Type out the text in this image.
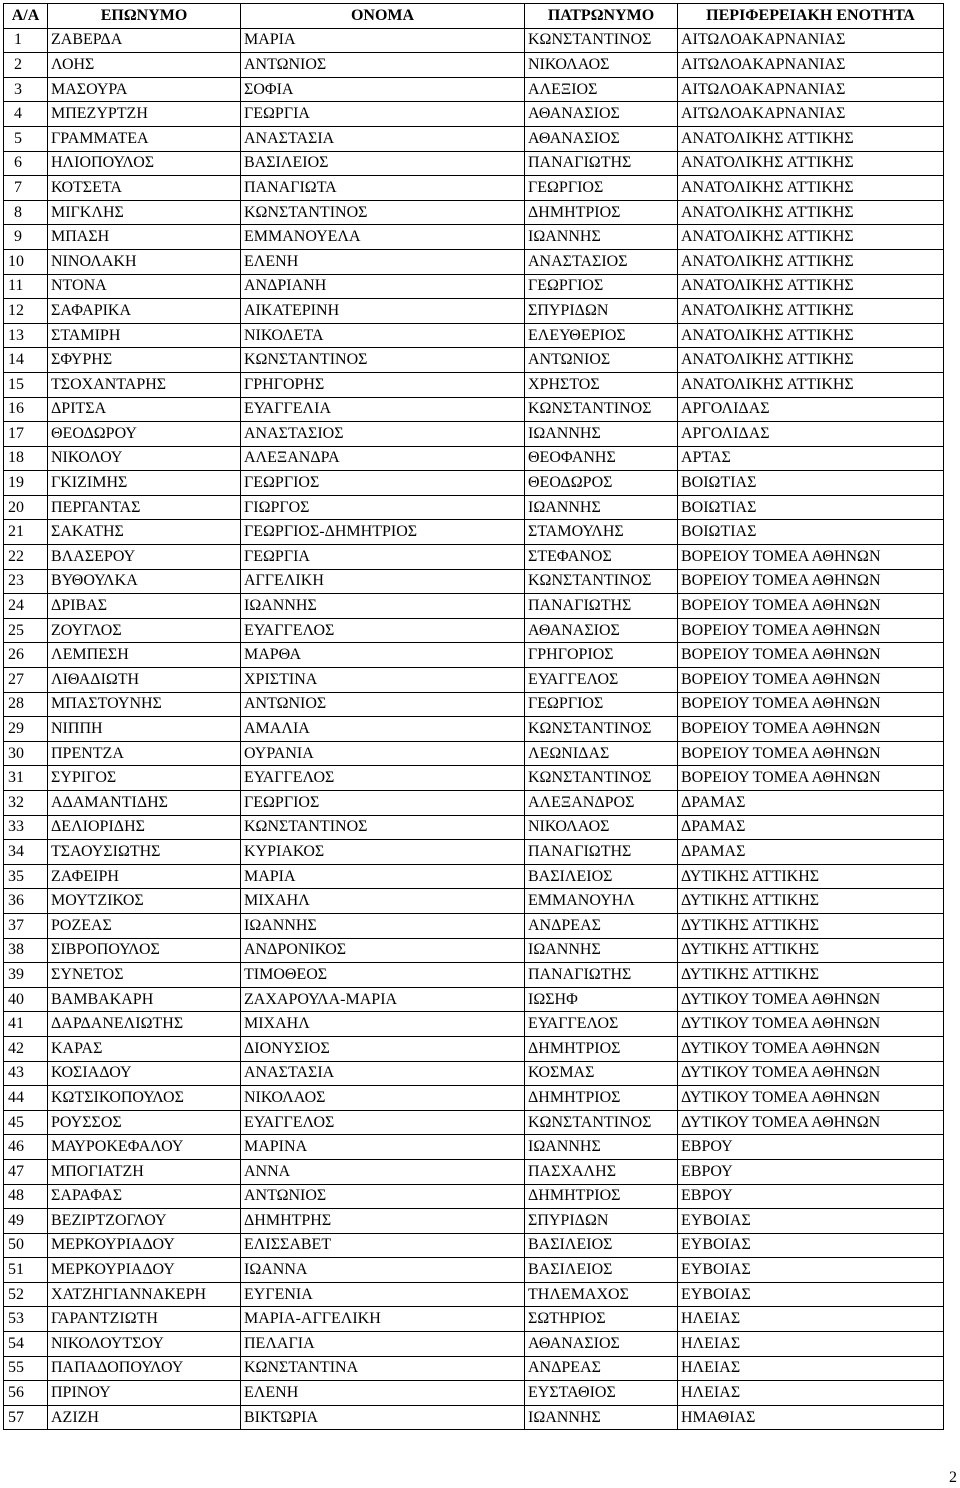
Α/Α	ΕΠΩΝΥΜΟ	ΟΝΟΜΑ	ΠΑΤΡΩΝΥΜΟ	ΠΕΡΙΦΕΡΕΙΑΚΗ ΕΝΟΤΗΤΑ
1	ΖΑΒΕΡΔΑ	ΜΑΡΙΑ	ΚΩΝΣΤΑΝΤΙΝΟΣ	ΑΙΤΩΛΟΑΚΑΡΝΑΝΙΑΣ
2	ΛΟΗΣ	ΑΝΤΩΝΙΟΣ	ΝΙΚΟΛΑΟΣ	ΑΙΤΩΛΟΑΚΑΡΝΑΝΙΑΣ
3	ΜΑΣΟΥΡΑ	ΣΟΦΙΑ	ΑΛΕΞΙΟΣ	ΑΙΤΩΛΟΑΚΑΡΝΑΝΙΑΣ
4	ΜΠΕΖΥΡΤΖΗ	ΓΕΩΡΓΙΑ	ΑΘΑΝΑΣΙΟΣ	ΑΙΤΩΛΟΑΚΑΡΝΑΝΙΑΣ
5	ΓΡΑΜΜΑΤΕΑ	ΑΝΑΣΤΑΣΙΑ	ΑΘΑΝΑΣΙΟΣ	ΑΝΑΤΟΛΙΚΗΣ ΑΤΤΙΚΗΣ
6	ΗΛΙΟΠΟΥΛΟΣ	ΒΑΣΙΛΕΙΟΣ	ΠΑΝΑΓΙΩΤΗΣ	ΑΝΑΤΟΛΙΚΗΣ ΑΤΤΙΚΗΣ
7	ΚΟΤΣΕΤΑ	ΠΑΝΑΓΙΩΤΑ	ΓΕΩΡΓΙΟΣ	ΑΝΑΤΟΛΙΚΗΣ ΑΤΤΙΚΗΣ
8	ΜΙΓΚΛΗΣ	ΚΩΝΣΤΑΝΤΙΝΟΣ	ΔΗΜΗΤΡΙΟΣ	ΑΝΑΤΟΛΙΚΗΣ ΑΤΤΙΚΗΣ
9	ΜΠΑΣΗ	ΕΜΜΑΝΟΥΕΛΑ	ΙΩΑΝΝΗΣ	ΑΝΑΤΟΛΙΚΗΣ ΑΤΤΙΚΗΣ
10	ΝΙΝΟΛΑΚΗ	ΕΛΕΝΗ	ΑΝΑΣΤΑΣΙΟΣ	ΑΝΑΤΟΛΙΚΗΣ ΑΤΤΙΚΗΣ
11	ΝΤΟΝΑ	ΑΝΔΡΙΑΝΗ	ΓΕΩΡΓΙΟΣ	ΑΝΑΤΟΛΙΚΗΣ ΑΤΤΙΚΗΣ
12	ΣΑΦΑΡΙΚΑ	ΑΙΚΑΤΕΡΙΝΗ	ΣΠΥΡΙΔΩΝ	ΑΝΑΤΟΛΙΚΗΣ ΑΤΤΙΚΗΣ
13	ΣΤΑΜΙΡΗ	ΝΙΚΟΛΕΤΑ	ΕΛΕΥΘΕΡΙΟΣ	ΑΝΑΤΟΛΙΚΗΣ ΑΤΤΙΚΗΣ
14	ΣΦΥΡΗΣ	ΚΩΝΣΤΑΝΤΙΝΟΣ	ΑΝΤΩΝΙΟΣ	ΑΝΑΤΟΛΙΚΗΣ ΑΤΤΙΚΗΣ
15	ΤΣΟΧΑΝΤΑΡΗΣ	ΓΡΗΓΟΡΗΣ	ΧΡΗΣΤΟΣ	ΑΝΑΤΟΛΙΚΗΣ ΑΤΤΙΚΗΣ
16	ΔΡΙΤΣΑ	ΕΥΑΓΓΕΛΙΑ	ΚΩΝΣΤΑΝΤΙΝΟΣ	ΑΡΓΟΛΙΔΑΣ
17	ΘΕΟΔΩΡΟΥ	ΑΝΑΣΤΑΣΙΟΣ	ΙΩΑΝΝΗΣ	ΑΡΓΟΛΙΔΑΣ
18	ΝΙΚΟΛΟΥ	ΑΛΕΞΑΝΔΡΑ	ΘΕΟΦΑΝΗΣ	ΑΡΤΑΣ
19	ΓΚΙΖΙΜΗΣ	ΓΕΩΡΓΙΟΣ	ΘΕΟΔΩΡΟΣ	ΒΟΙΩΤΙΑΣ
20	ΠΕΡΓΑΝΤΑΣ	ΓΙΩΡΓΟΣ	ΙΩΑΝΝΗΣ	ΒΟΙΩΤΙΑΣ
21	ΣΑΚΑΤΗΣ	ΓΕΩΡΓΙΟΣ-ΔΗΜΗΤΡΙΟΣ	ΣΤΑΜΟΥΛΗΣ	ΒΟΙΩΤΙΑΣ
22	ΒΛΑΣΕΡΟΥ	ΓΕΩΡΓΙΑ	ΣΤΕΦΑΝΟΣ	ΒΟΡΕΙΟΥ ΤΟΜΕΑ ΑΘΗΝΩΝ
23	ΒΥΘΟΥΛΚΑ	ΑΓΓΕΛΙΚΗ	ΚΩΝΣΤΑΝΤΙΝΟΣ	ΒΟΡΕΙΟΥ ΤΟΜΕΑ ΑΘΗΝΩΝ
24	ΔΡΙΒΑΣ	ΙΩΑΝΝΗΣ	ΠΑΝΑΓΙΩΤΗΣ	ΒΟΡΕΙΟΥ ΤΟΜΕΑ ΑΘΗΝΩΝ
25	ΖΟΥΓΛΟΣ	ΕΥΑΓΓΕΛΟΣ	ΑΘΑΝΑΣΙΟΣ	ΒΟΡΕΙΟΥ ΤΟΜΕΑ ΑΘΗΝΩΝ
26	ΛΕΜΠΕΣΗ	ΜΑΡΘΑ	ΓΡΗΓΟΡΙΟΣ	ΒΟΡΕΙΟΥ ΤΟΜΕΑ ΑΘΗΝΩΝ
27	ΛΙΘΑΔΙΩΤΗ	ΧΡΙΣΤΙΝΑ	ΕΥΑΓΓΕΛΟΣ	ΒΟΡΕΙΟΥ ΤΟΜΕΑ ΑΘΗΝΩΝ
28	ΜΠΑΣΤΟΥΝΗΣ	ΑΝΤΩΝΙΟΣ	ΓΕΩΡΓΙΟΣ	ΒΟΡΕΙΟΥ ΤΟΜΕΑ ΑΘΗΝΩΝ
29	ΝΙΠΠΗ	ΑΜΑΛΙΑ	ΚΩΝΣΤΑΝΤΙΝΟΣ	ΒΟΡΕΙΟΥ ΤΟΜΕΑ ΑΘΗΝΩΝ
30	ΠΡΕΝΤΖΑ	ΟΥΡΑΝΙΑ	ΛΕΩΝΙΔΑΣ	ΒΟΡΕΙΟΥ ΤΟΜΕΑ ΑΘΗΝΩΝ
31	ΣΥΡΙΓΟΣ	ΕΥΑΓΓΕΛΟΣ	ΚΩΝΣΤΑΝΤΙΝΟΣ	ΒΟΡΕΙΟΥ ΤΟΜΕΑ ΑΘΗΝΩΝ
32	ΑΔΑΜΑΝΤΙΔΗΣ	ΓΕΩΡΓΙΟΣ	ΑΛΕΞΑΝΔΡΟΣ	ΔΡΑΜΑΣ
33	ΔΕΛΙΟΡΙΔΗΣ	ΚΩΝΣΤΑΝΤΙΝΟΣ	ΝΙΚΟΛΑΟΣ	ΔΡΑΜΑΣ
34	ΤΣΑΟΥΣΙΩΤΗΣ	ΚΥΡΙΑΚΟΣ	ΠΑΝΑΓΙΩΤΗΣ	ΔΡΑΜΑΣ
35	ΖΑΦΕΙΡΗ	ΜΑΡΙΑ	ΒΑΣΙΛΕΙΟΣ	ΔΥΤΙΚΗΣ ΑΤΤΙΚΗΣ
36	ΜΟΥΤΖΙΚΟΣ	ΜΙΧΑΗΛ	ΕΜΜΑΝΟΥΗΛ	ΔΥΤΙΚΗΣ ΑΤΤΙΚΗΣ
37	ΡΟΖΕΑΣ	ΙΩΑΝΝΗΣ	ΑΝΔΡΕΑΣ	ΔΥΤΙΚΗΣ ΑΤΤΙΚΗΣ
38	ΣΙΒΡΟΠΟΥΛΟΣ	ΑΝΔΡΟΝΙΚΟΣ	ΙΩΑΝΝΗΣ	ΔΥΤΙΚΗΣ ΑΤΤΙΚΗΣ
39	ΣΥΝΕΤΟΣ	ΤΙΜΟΘΕΟΣ	ΠΑΝΑΓΙΩΤΗΣ	ΔΥΤΙΚΗΣ ΑΤΤΙΚΗΣ
40	ΒΑΜΒΑΚΑΡΗ	ΖΑΧΑΡΟΥΛΑ-ΜΑΡΙΑ	ΙΩΣΗΦ	ΔΥΤΙΚΟΥ ΤΟΜΕΑ ΑΘΗΝΩΝ
41	ΔΑΡΔΑΝΕΛΙΩΤΗΣ	ΜΙΧΑΗΛ	ΕΥΑΓΓΕΛΟΣ	ΔΥΤΙΚΟΥ ΤΟΜΕΑ ΑΘΗΝΩΝ
42	ΚΑΡΑΣ	ΔΙΟΝΥΣΙΟΣ	ΔΗΜΗΤΡΙΟΣ	ΔΥΤΙΚΟΥ ΤΟΜΕΑ ΑΘΗΝΩΝ
43	ΚΟΣΙΑΔΟΥ	ΑΝΑΣΤΑΣΙΑ	ΚΟΣΜΑΣ	ΔΥΤΙΚΟΥ ΤΟΜΕΑ ΑΘΗΝΩΝ
44	ΚΩΤΣΙΚΟΠΟΥΛΟΣ	ΝΙΚΟΛΑΟΣ	ΔΗΜΗΤΡΙΟΣ	ΔΥΤΙΚΟΥ ΤΟΜΕΑ ΑΘΗΝΩΝ
45	ΡΟΥΣΣΟΣ	ΕΥΑΓΓΕΛΟΣ	ΚΩΝΣΤΑΝΤΙΝΟΣ	ΔΥΤΙΚΟΥ ΤΟΜΕΑ ΑΘΗΝΩΝ
46	ΜΑΥΡΟΚΕΦΑΛΟΥ	ΜΑΡΙΝΑ	ΙΩΑΝΝΗΣ	ΕΒΡΟΥ
47	ΜΠΟΓΙΑΤΖΗ	ΑΝΝΑ	ΠΑΣΧΑΛΗΣ	ΕΒΡΟΥ
48	ΣΑΡΑΦΑΣ	ΑΝΤΩΝΙΟΣ	ΔΗΜΗΤΡΙΟΣ	ΕΒΡΟΥ
49	ΒΕΖΙΡΤΖΟΓΛΟΥ	ΔΗΜΗΤΡΗΣ	ΣΠΥΡΙΔΩΝ	ΕΥΒΟΙΑΣ
50	ΜΕΡΚΟΥΡΙΑΔΟΥ	ΕΛΙΣΣΑΒΕΤ	ΒΑΣΙΛΕΙΟΣ	ΕΥΒΟΙΑΣ
51	ΜΕΡΚΟΥΡΙΑΔΟΥ	ΙΩΑΝΝΑ	ΒΑΣΙΛΕΙΟΣ	ΕΥΒΟΙΑΣ
52	ΧΑΤΖΗΓΙΑΝΝΑΚΕΡΗ	ΕΥΓΕΝΙΑ	ΤΗΛΕΜΑΧΟΣ	ΕΥΒΟΙΑΣ
53	ΓΑΡΑΝΤΖΙΩΤΗ	ΜΑΡΙΑ-ΑΓΓΕΛΙΚΗ	ΣΩΤΗΡΙΟΣ	ΗΛΕΙΑΣ
54	ΝΙΚΟΛΟΥΤΣΟΥ	ΠΕΛΑΓΙΑ	ΑΘΑΝΑΣΙΟΣ	ΗΛΕΙΑΣ
55	ΠΑΠΑΔΟΠΟΥΛΟΥ	ΚΩΝΣΤΑΝΤΙΝΑ	ΑΝΔΡΕΑΣ	ΗΛΕΙΑΣ
56	ΠΡΙΝΟΥ	ΕΛΕΝΗ	ΕΥΣΤΑΘΙΟΣ	ΗΛΕΙΑΣ
57	ΑΖΙΖΗ	ΒΙΚΤΩΡΙΑ	ΙΩΑΝΝΗΣ	ΗΜΑΘΙΑΣ
2
